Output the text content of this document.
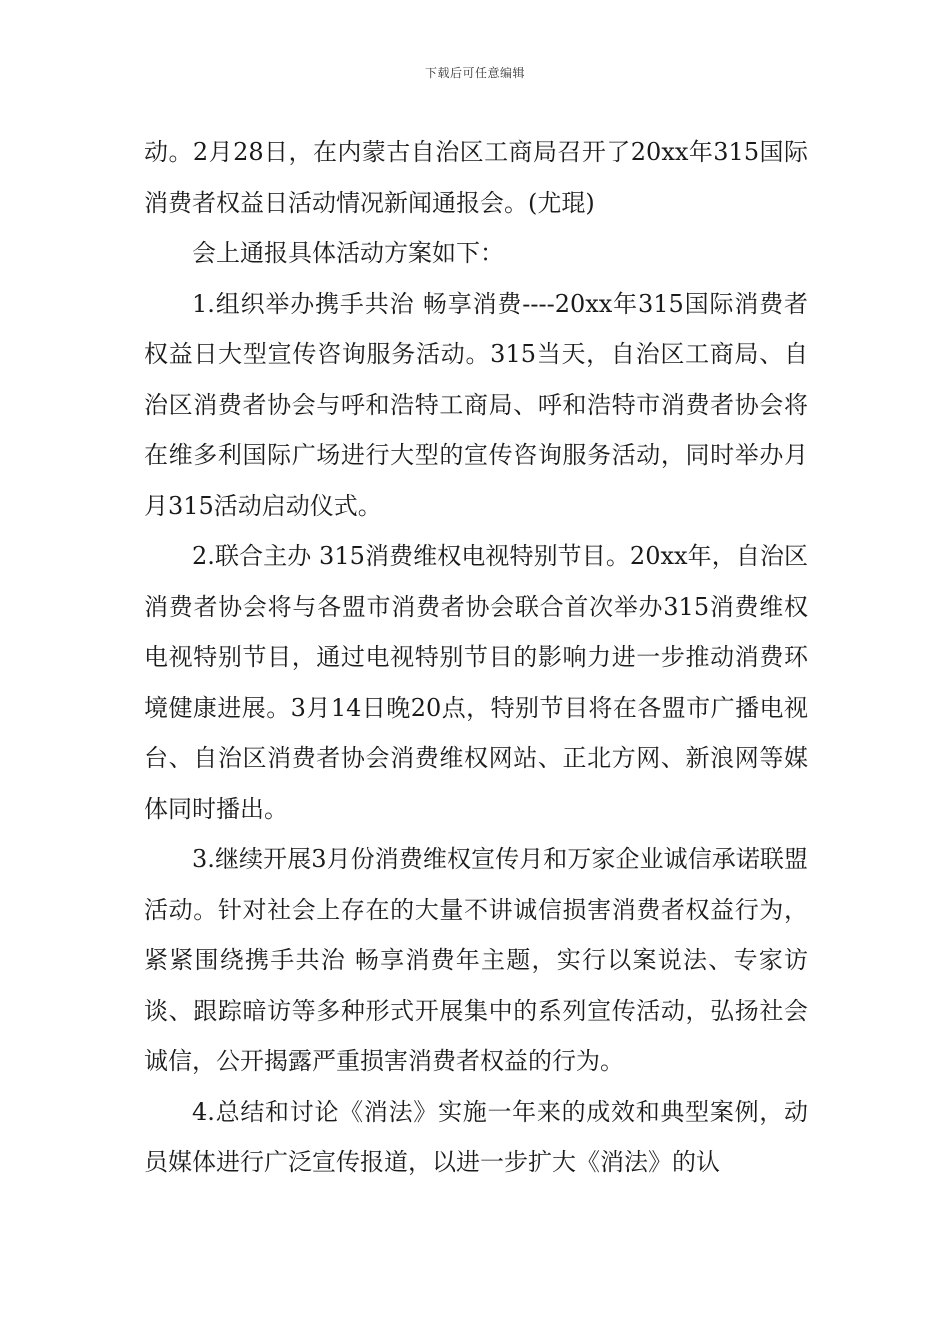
下载后可任意编辑

动。2月28日，在内蒙古自治区工商局召开了20xx年315国际消费者权益日活动情况新闻通报会。(尤琨)

会上通报具体活动方案如下：

1.组织举办携手共治 畅享消费----20xx年315国际消费者权益日大型宣传咨询服务活动。315当天，自治区工商局、自治区消费者协会与呼和浩特工商局、呼和浩特市消费者协会将在维多利国际广场进行大型的宣传咨询服务活动，同时举办月月315活动启动仪式。

2.联合主办 315消费维权电视特别节目。20xx年，自治区消费者协会将与各盟市消费者协会联合首次举办315消费维权电视特别节目，通过电视特别节目的影响力进一步推动消费环境健康进展。3月14日晚20点，特别节目将在各盟市广播电视台、自治区消费者协会消费维权网站、正北方网、新浪网等媒体同时播出。

3.继续开展3月份消费维权宣传月和万家企业诚信承诺联盟活动。针对社会上存在的大量不讲诚信损害消费者权益行为，紧紧围绕携手共治 畅享消费年主题，实行以案说法、专家访谈、跟踪暗访等多种形式开展集中的系列宣传活动，弘扬社会诚信，公开揭露严重损害消费者权益的行为。

4.总结和讨论《消法》实施一年来的成效和典型案例，动员媒体进行广泛宣传报道，以进一步扩大《消法》的认
